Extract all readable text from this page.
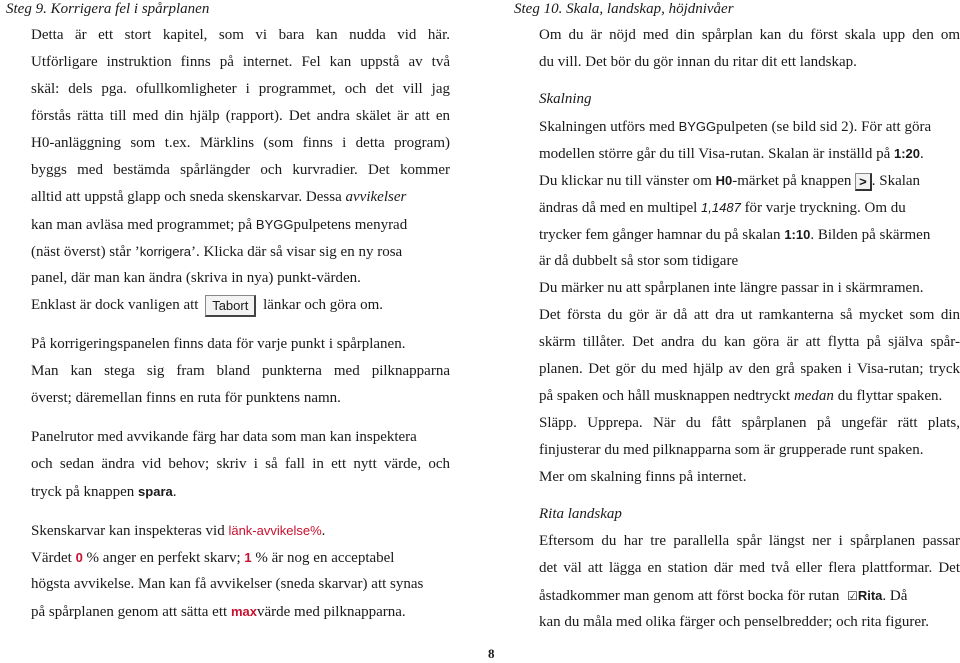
Steg 9. Korrigera fel i spårplanen
Detta är ett stort kapitel, som vi bara kan nudda vid här.
Utförligare instruktion finns på internet. Fel kan uppstå av två
skäl: dels pga. ofullkomligheter i programmet, och det vill jag
förstås rätta till med din hjälp (rapport). Det andra skälet är att en
H0-anläggning som t.ex. Märklins (som finns i detta program)
byggs med bestämda spårlängder och kurvradier. Det kommer
alltid att uppstå glapp och sneda skenskarvar. Dessa avvikelser
kan man avläsa med programmet; på BYGGpulpetens menyrad
(näst överst) står ’korrigera’. Klicka där så visar sig en ny rosa
panel, där man kan ändra (skriva in nya) punkt-värden.
Enklast är dock vanligen att Tabort länkar och göra om.
På korrigeringspanelen finns data för varje punkt i spårplanen.
Man kan stega sig fram bland punkterna med pilknapparna
överst; däremellan finns en ruta för punktens namn.
Panelrutor med avvikande färg har data som man kan inspektera
och sedan ändra vid behov; skriv i så fall in ett nytt värde, och
tryck på knappen spara.
Skenskarvar kan inspekteras vid länk-avvikelse%.
Värdet 0 % anger en perfekt skarv; 1 % är nog en acceptabel
högsta avvikelse. Man kan få avvikelser (sneda skarvar) att synas
på spårplanen genom att sätta ett maxvärde med pilknapparna.
Steg 10. Skala, landskap, höjdnivåer
Om du är nöjd med din spårplan kan du först skala upp den om
du vill. Det bör du gör innan du ritar dit ett landskap.
Skalning
Skalningen utförs med BYGGpulpeten (se bild sid 2). För att göra
modellen större går du till Visa-rutan. Skalan är inställd på 1:20.
Du klickar nu till vänster om H0-märket på knappen > . Skalan
ändras då med en multipel 1,1487 för varje tryckning. Om du
trycker fem gånger hamnar du på skalan 1:10. Bilden på skärmen
är då dubbelt så stor som tidigare
Du märker nu att spårplanen inte längre passar in i skärmramen.
Det första du gör är då att dra ut ramkanterna så mycket som din
skärm tillåter. Det andra du kan göra är att flytta på själva spår-
planen. Det gör du med hjälp av den grå spaken i Visa-rutan; tryck
på spaken och håll musknappen nedtryckt medan du flyttar spaken.
Släpp. Upprepa. När du fått spårplanen på ungefär rätt plats,
finjusterar du med pilknapparna som är grupperade runt spaken.
Mer om skalning finns på internet.
Rita landskap
Eftersom du har tre parallella spår längst ner i spårplanen passar
det väl att lägga en station där med två eller flera plattformar. Det
åstadkommer man genom att först bocka för rutan ☑Rita. Då
kan du måla med olika färger och penselbredder; och rita figurer.
8
